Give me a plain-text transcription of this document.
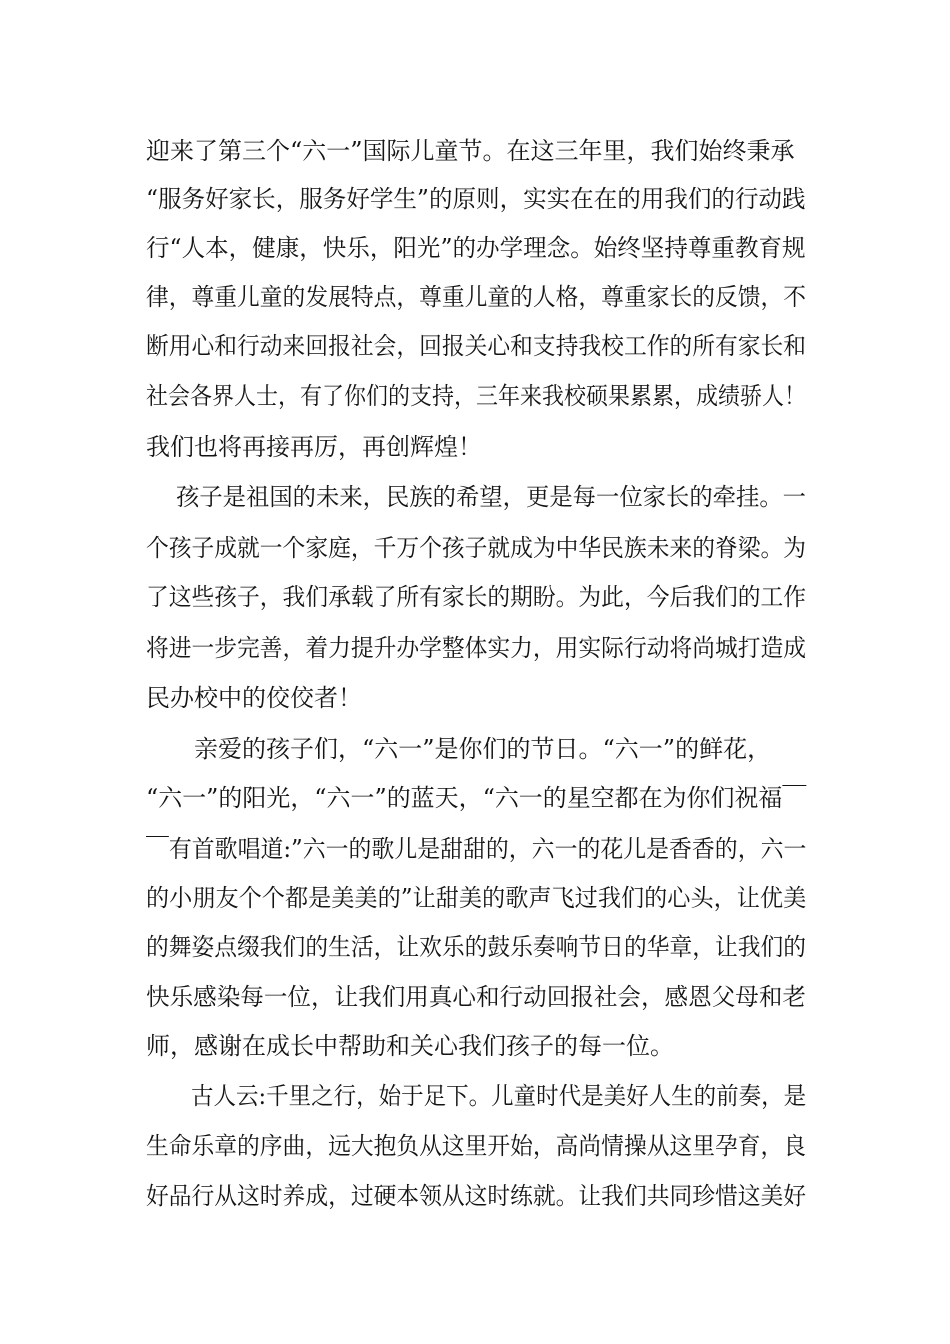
迎来了第三个“六一”国际儿童节。在这三年里，我们始终秉承
“服务好家长，服务好学生”的原则，实实在在的用我们的行动践
行“人本，健康，快乐，阳光”的办学理念。始终坚持尊重教育规
律，尊重儿童的发展特点，尊重儿童的人格，尊重家长的反馈，不
断用心和行动来回报社会，回报关心和支持我校工作的所有家长和
社会各界人士，有了你们的支持，三年来我校硕果累累，成绩骄人！
我们也将再接再厉，再创辉煌！
孩子是祖国的未来，民族的希望，更是每一位家长的牵挂。一
个孩子成就一个家庭，千万个孩子就成为中华民族未来的脊梁。为
了这些孩子，我们承载了所有家长的期盼。为此，今后我们的工作
将进一步完善，着力提升办学整体实力，用实际行动将尚城打造成
民办校中的佼佼者！
亲爱的孩子们，“六一”是你们的节日。“六一”的鲜花，
“六一”的阳光，“六一”的蓝天，“六一的星空都在为你们祝福￣
￣有首歌唱道:”六一的歌儿是甜甜的，六一的花儿是香香的，六一
的小朋友个个都是美美的”让甜美的歌声飞过我们的心头，让优美
的舞姿点缀我们的生活，让欢乐的鼓乐奏响节日的华章，让我们的
快乐感染每一位，让我们用真心和行动回报社会，感恩父母和老
师，感谢在成长中帮助和关心我们孩子的每一位。
古人云:千里之行，始于足下。儿童时代是美好人生的前奏，是
生命乐章的序曲，远大抱负从这里开始，高尚情操从这里孕育，良
好品行从这时养成，过硬本领从这时练就。让我们共同珍惜这美好
